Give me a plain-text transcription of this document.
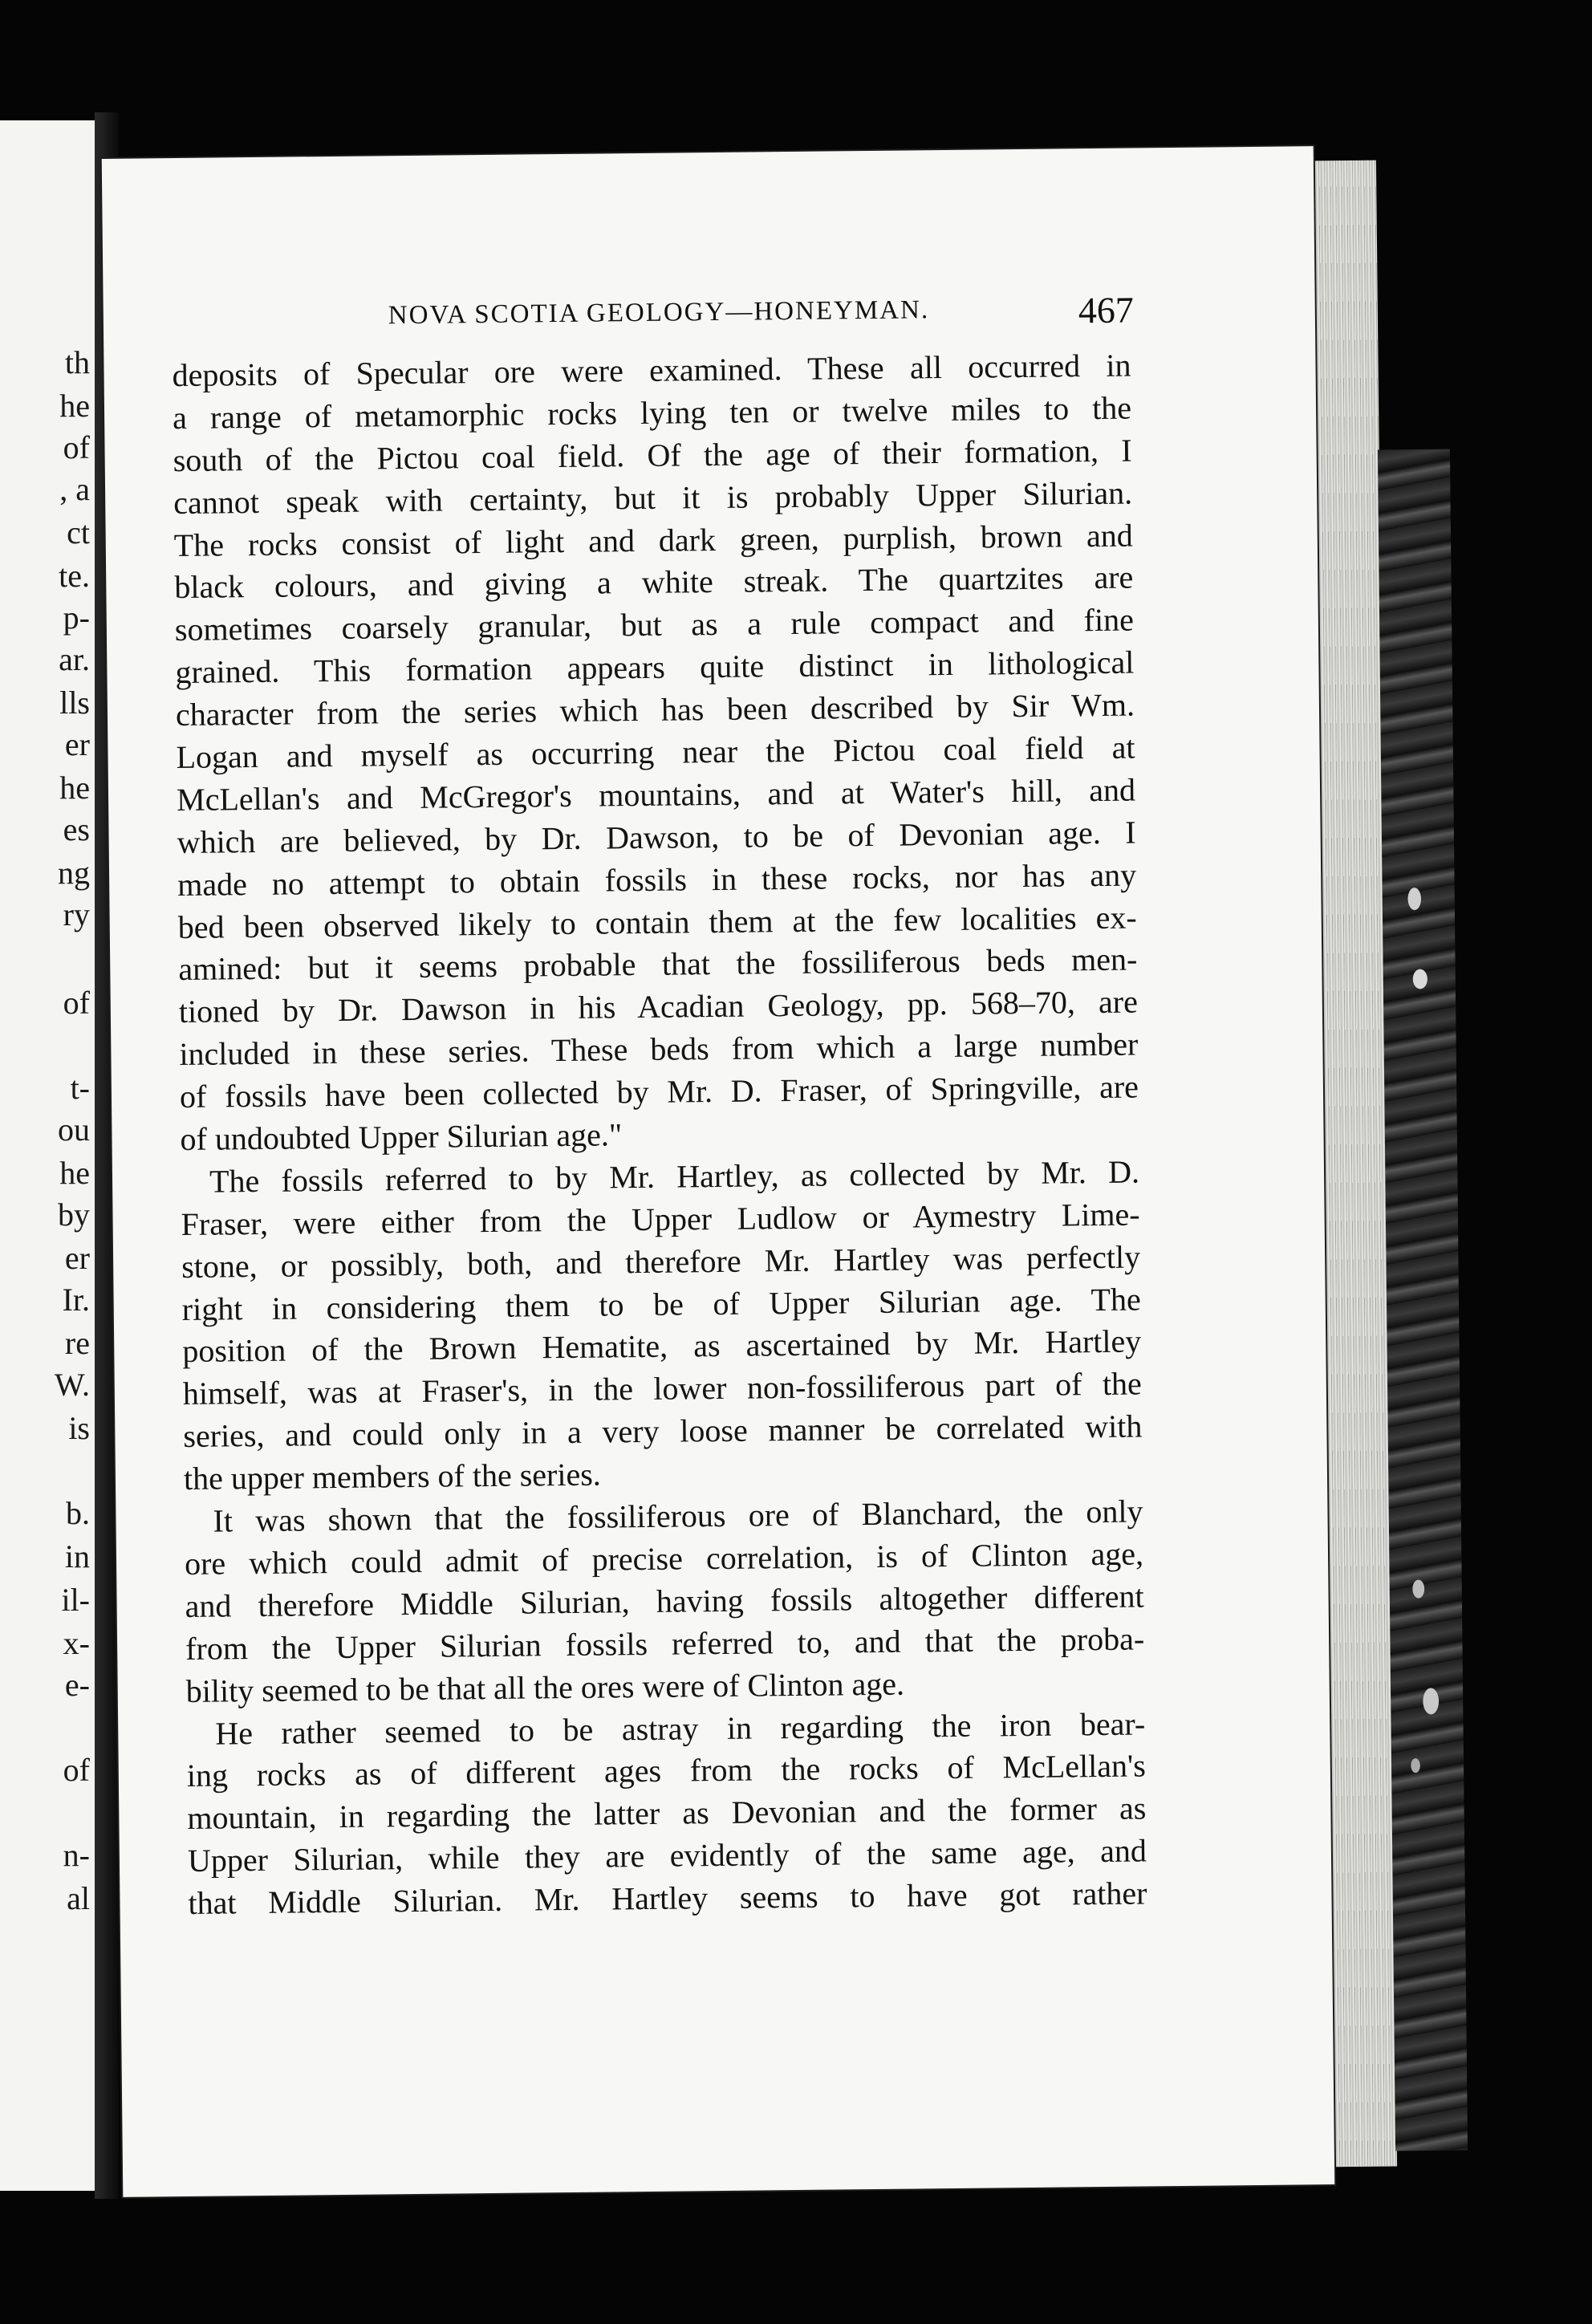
th
he
of
, a
ct
te.
p-
ar.
lls
er
he
es
ng
ry
of
t-
ou
he
by
er
Ir.
re
W.
is
b.
in
il-
x-
e-
of
n-
al
NOVA SCOTIA GEOLOGY—HONEYMAN.	467
deposits of Specular ore were examined. These all occurred in
a range of metamorphic rocks lying ten or twelve miles to the
south of the Pictou coal field. Of the age of their formation, I
cannot speak with certainty, but it is probably Upper Silurian.
The rocks consist of light and dark green, purplish, brown and
black colours, and giving a white streak. The quartzites are
sometimes coarsely granular, but as a rule compact and fine
grained. This formation appears quite distinct in lithological
character from the series which has been described by Sir Wm.
Logan and myself as occurring near the Pictou coal field at
McLellan's and McGregor's mountains, and at Water's hill, and
which are believed, by Dr. Dawson, to be of Devonian age. I
made no attempt to obtain fossils in these rocks, nor has any
bed been observed likely to contain them at the few localities ex-
amined: but it seems probable that the fossiliferous beds men-
tioned by Dr. Dawson in his Acadian Geology, pp. 568–70, are
included in these series. These beds from which a large number
of fossils have been collected by Mr. D. Fraser, of Springville, are
of undoubted Upper Silurian age."
The fossils referred to by Mr. Hartley, as collected by Mr. D.
Fraser, were either from the Upper Ludlow or Aymestry Lime-
stone, or possibly, both, and therefore Mr. Hartley was perfectly
right in considering them to be of Upper Silurian age. The
position of the Brown Hematite, as ascertained by Mr. Hartley
himself, was at Fraser's, in the lower non-fossiliferous part of the
series, and could only in a very loose manner be correlated with
the upper members of the series.
It was shown that the fossiliferous ore of Blanchard, the only
ore which could admit of precise correlation, is of Clinton age,
and therefore Middle Silurian, having fossils altogether different
from the Upper Silurian fossils referred to, and that the proba-
bility seemed to be that all the ores were of Clinton age.
He rather seemed to be astray in regarding the iron bear-
ing rocks as of different ages from the rocks of McLellan's
mountain, in regarding the latter as Devonian and the former as
Upper Silurian, while they are evidently of the same age, and
that Middle Silurian. Mr. Hartley seems to have got rather
